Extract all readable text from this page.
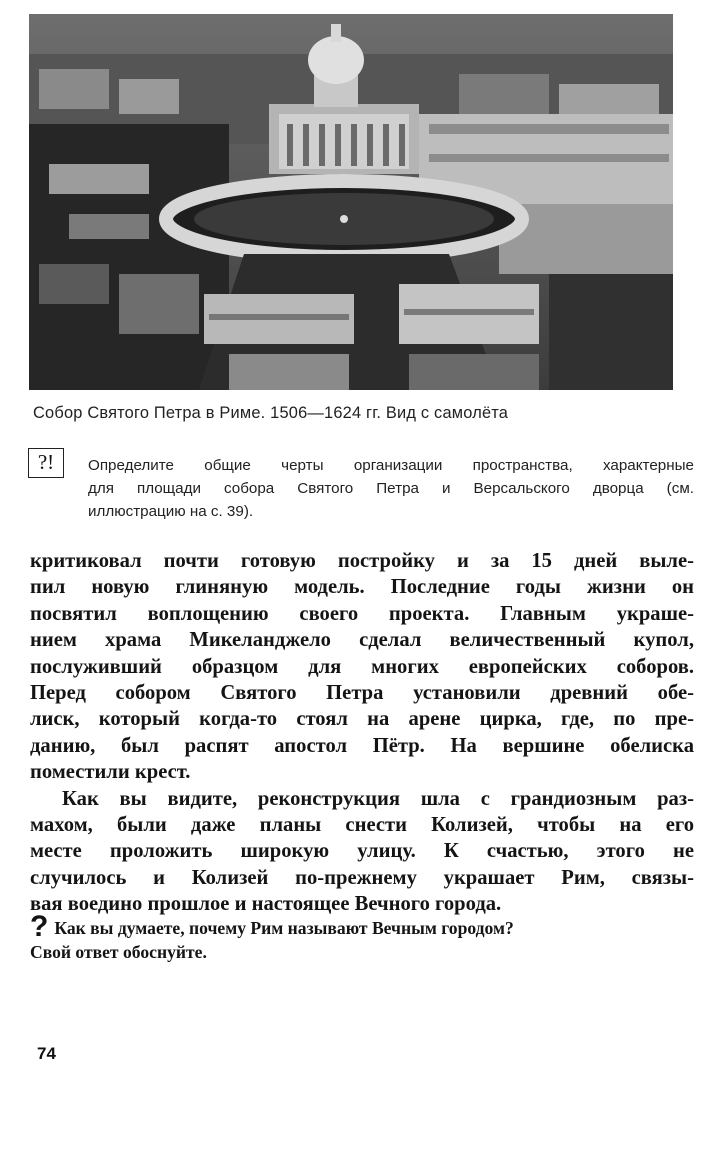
Собор Святого Петра в Риме. 1506—1624 гг. Вид с самолёта
?!	Определите общие черты организации пространства, характерные
для площади собора Святого Петра и Версальского дворца (см.
иллюстрацию на с. 39).
критиковал почти готовую постройку и за 15 дней выле-
пил новую глиняную модель. Последние годы жизни он
посвятил воплощению своего проекта. Главным украше-
нием храма Микеланджело сделал величественный купол,
послуживший образцом для многих европейских соборов.
Перед собором Святого Петра установили древний обе-
лиск, который когда-то стоял на арене цирка, где, по пре-
данию, был распят апостол Пётр. На вершине обелиска
поместили крест.
Как вы видите, реконструкция шла с грандиозным раз-
махом, были даже планы снести Колизей, чтобы на его
месте проложить широкую улицу. К счастью, этого не
случилось и Колизей по-прежнему украшает Рим, связы-
вая воедино прошлое и настоящее Вечного города.
? Как вы думаете, почему Рим называют Вечным городом?
Свой ответ обоснуйте.
74
